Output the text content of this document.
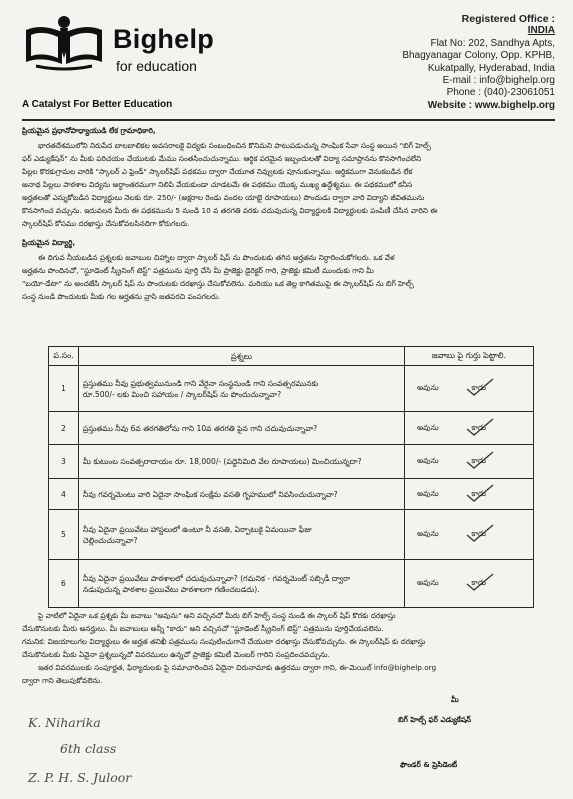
Bighelp
for education
A Catalyst For Better Education
Registered Office :
INDIA
Flat No: 202, Sandhya Apts,
Bhagyanagar Colony, Opp. KPHB,
Kukatpally, Hyderabad, India
E-mail : info@bighelp.org
Phone : (040)-23061051
Website : www.bighelp.org
ప్రియమైన ప్రధానోపాధ్యాయుడి లేక గ్రామాధికారి,
భారతదేశములోని నిరుపేద బాలబాలికల అవసరాలకై విద్యకు సంబంధించిన కొనిమని పాటుపడుచున్న సాంఘిక సేవా సంస్థ అయిన "బిగ్ హెల్ప్
ఫర్ ఎడ్యుకేషన్" ను మీకు పరిచయం చేయుటకు మేము సంతసించుచున్నాము. ఆర్థిక పరమైన ఇబ్బందులతో విద్యా సమాప్తానను కొనసాగించలేని
పిల్లల కొరకుగ్రామల వారికి "స్కాలర్ ఎ ఫ్రెండ్" స్కాలర్‌షిప్ పథకము ద్వారా చేయూత నివ్వుటకు పూనుకున్నాము. ఆర్థికముగా వెనుకబడిన లేక
అనాథ పిల్లలు పాఠశాల విద్యను అర్థాంతరముగా నిలిపి వేయకుండా చూడటమే ఈ పథకము యొక్క ముఖ్య ఉద్దేశ్యము. ఈ పథకములో కనీస
అర్హతలతో ఎన్నుకోబడిన విద్యార్థులు నెలకు రూ. 250/- (అక్షరాల రెండు వందల యాభై రూపాయలు) పొందుడు ద్వారా వారి విద్యాని జీవితమును
కొనసాగించ వచ్చును. ఇదువలన మీరు ఈ పథకమును 5 నుండి 10 వ తరగతి వరకు చదువుచున్న విద్యార్థులకి విద్యార్థులకు పంపిణీ చేసిన వారిని ఈ
స్కాలర్‌షిప్ కోసము దరఖాస్తు చేసుకోవలసినదిగా కోరుగలరు.
ప్రియమైన విద్యార్థి,
ఈ దిగువ నీయబడిన ప్రశ్నలకు జవాబుల చిహ్నాల ద్వారా స్కాలర్ షిప్ ను పొందుటకు తగిన అర్హతను నిర్ధారించుకోగలరు. ఒక వేళ
అర్హతను పొందినచో, "స్టూడెంట్ స్క్రీనింగ్ టెస్ట్" పత్రమును పూర్తి చేసి మీ ప్రాజెక్టు డైరెక్టర్ గారి, ప్రాజెక్టు కమిటీ ముందుకు గాని మీ
"బయో-డేటా" ను అందజేసి స్కాలర్ షిప్ ను పొందుటకు దరఖాస్తు చేసుకోవలెను. మరియు ఒక తెల్ల కాగితముపై ఈ స్కాలర్‌షిప్ ను బిగ్ హెల్ప్
సంస్థ నుండి పొందుటకు మీకు గల అర్హతను వ్రాసి జతపరచి పంపగలరు.
ప.సం.	ప్రశ్నలు	జవాబు పై గుర్తు పెట్టాలి.
1	ప్రస్తుతము నీవు ప్రభుత్వమునుండి గాని వేరైనా సంస్థనుండి గాని సంవత్సరమునకు
రూ.500/- లకు మించి సహాయం / స్కాలర్‌షిప్ ను పొందుచున్నావా?	అవును కాదు

2	ప్రస్తుతము నీవు 6వ తరగతిలోను గాని 10వ తరగతి పైన గాని చదువుచున్నావా?	అవును కాదు

3	మీ కుటుంబ సంవత్సరాదాయం రూ. 18,000/- (పద్దెనిమిది వేల రూపాయలు) మించియున్నదా?	అవును కాదు

4	నీవు గవర్నమెంటు వారి ఏదైనా సాంఘిక సంక్షేమ వసతి గృహములో నివసించుచున్నావా?	అవును కాదు

5	నీవు ఏదైనా ప్రయివేటు హాస్టలులో ఉంటూ నీ వసతి, ఏర్పాటుకై ఏమయినా ఫీజు
చెల్లించుచున్నావా?	అవును కాదు

6	నీవు ఏదైనా ప్రయివేటు పాఠశాలలో చదువుచున్నావా? (గమనిక - గవర్నమెంట్ సబ్సిడీ ద్వారా
నడుపుచున్న పాఠశాల ప్రయివేటు పాఠశాలగా గణించబడదు).	అవును కాదు
పై వాటిలో ఏదైనా ఒక ప్రశ్నకు మీ జవాబు "అవును" అని వచ్చినచో మీరు బిగ్ హెల్ప్ సంస్థ నుండి ఈ స్కాలర్ షిప్ కొరకు దరఖాస్తు
చేసుకొనుటకు మీరు అనర్హులు. మీ జవాబులు అన్నీ "కాదు" అని వచ్చినచో "స్టూడెంట్ స్క్రీనింగ్ టెస్ట్" పత్రమును పూర్తిచేయవలెను.
గమనిక: విజయాలుగల విద్యార్థులు ఈ అర్హత తనిఖీ పత్రమును సంపుటించుగానే చేయుటా దరఖాస్తు చేసుకోవచ్చును. ఈ స్కాలర్‌షిప్ కు దరఖాస్తు
చేసుకొనుటకు మీకు ఏవైనా ప్రశ్నలున్నచో వివరములు ఉన్నచో ప్రాజెక్టు కమిటీ మెంబర్ గారిని సంప్రదించవచ్చును.
ఇతర వివరములకు సంపూర్ణత, ఫిర్యాదులకు పై సమాచారించిన ఏదైనా చిరునామాకు ఉత్తరము ద్వారా గాని, ఈ-మెయిల్ info@bighelp.org
ద్వారా గాని తెలుపుకోవలెను.
మీ
బిగ్ హెల్ప్ ఫర్ ఎడ్యుకేషన్
ఫౌండర్ & ప్రెసిడెంట్
K. Niharika
6th class
Z. P. H. S. Juloor
